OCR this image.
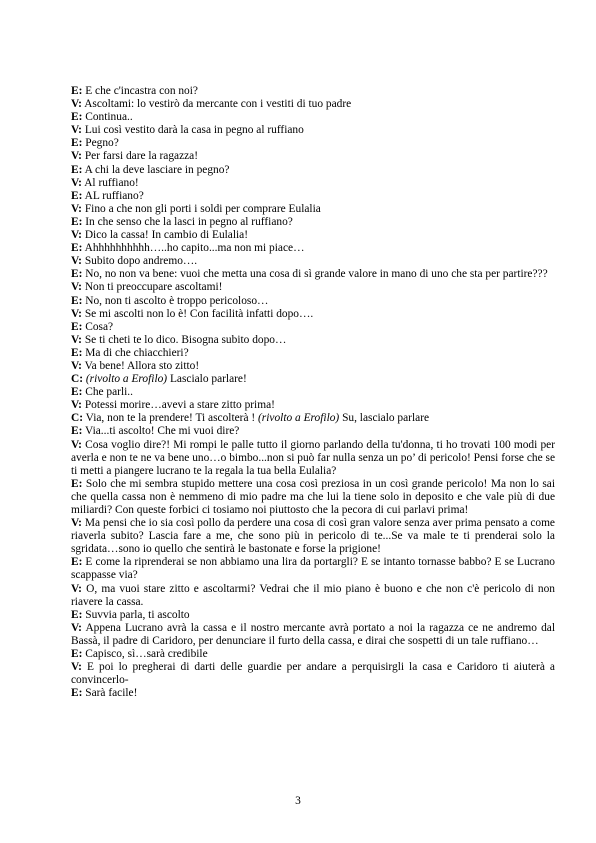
E: E che c'incastra con noi?

V: Ascoltami: lo vestirò da mercante con i vestiti di tuo padre

E: Continua..

V: Lui così vestito darà la casa in pegno al ruffiano

E: Pegno?

V: Per farsi dare la ragazza!

E: A chi la deve lasciare in pegno?

V: Al ruffiano!

E: AL ruffiano?

V: Fino a che non gli porti i soldi per comprare Eulalia

E: In che senso che la lasci in pegno al ruffiano?

V: Dico la cassa! In cambio di Eulalia!

E: Ahhhhhhhhhh…..ho capito...ma non mi piace…

V: Subito dopo andremo….

E: No, no non va bene: vuoi che metta una cosa di sì grande valore in mano di uno che sta per partire???

V: Non ti preoccupare ascoltami!

E: No, non ti ascolto è troppo pericoloso…

V: Se mi ascolti non lo è! Con facilità infatti dopo….

E: Cosa?

V: Se ti cheti te lo dico. Bisogna subito dopo…

E: Ma di che chiacchieri?

V: Va bene! Allora sto zitto!

C: (rivolto a Erofilo) Lascialo parlare!

E: Che parli..

V: Potessi morire…avevi a stare zitto prima!

C: Via, non te la prendere! Ti ascolterà ! (rivolto a Erofilo) Su, lascialo parlare

E: Via...ti ascolto! Che mi vuoi dire?

V: Cosa voglio dire?! Mi rompi le palle tutto il giorno parlando della tu'donna, ti ho trovati 100 modi per averla e non te ne va bene uno…o bimbo...non si può far nulla senza un po’ di pericolo! Pensi forse che se ti metti a piangere lucrano te la regala la tua bella Eulalia?

E: Solo che mi sembra stupido mettere una cosa così preziosa in un così grande pericolo! Ma non lo sai che quella cassa non è nemmeno di mio padre ma che lui la tiene solo in deposito e che vale più di due miliardi? Con queste forbici ci tosiamo noi piuttosto che la pecora di cui parlavi prima!

V: Ma pensi che io sia così pollo da perdere una cosa di così gran valore senza aver prima pensato a come riaverla subito? Lascia fare a me, che sono più in pericolo di te...Se va male te ti prenderai solo la sgridata…sono io quello che sentirà le bastonate e forse la prigione!

E: E come la riprenderai se non abbiamo una lira da portargli? E se intanto tornasse babbo? E se Lucrano scappasse via?

V: O, ma vuoi stare zitto e ascoltarmi? Vedrai che il mio piano è buono e che non c'è pericolo di non riavere la cassa.

E: Suvvia parla, ti ascolto

V: Appena Lucrano avrà la cassa e il nostro mercante avrà portato a noi la ragazza ce ne andremo dal Bassà, il padre di Caridoro, per denunciare il furto della cassa, e dirai che sospetti di un tale ruffiano…

E: Capisco, sì…sarà credibile

V: E poi lo pregherai di darti delle guardie per andare a perquisirgli la casa e Caridoro ti aiuterà a convincerlo-

E: Sarà facile!

3
